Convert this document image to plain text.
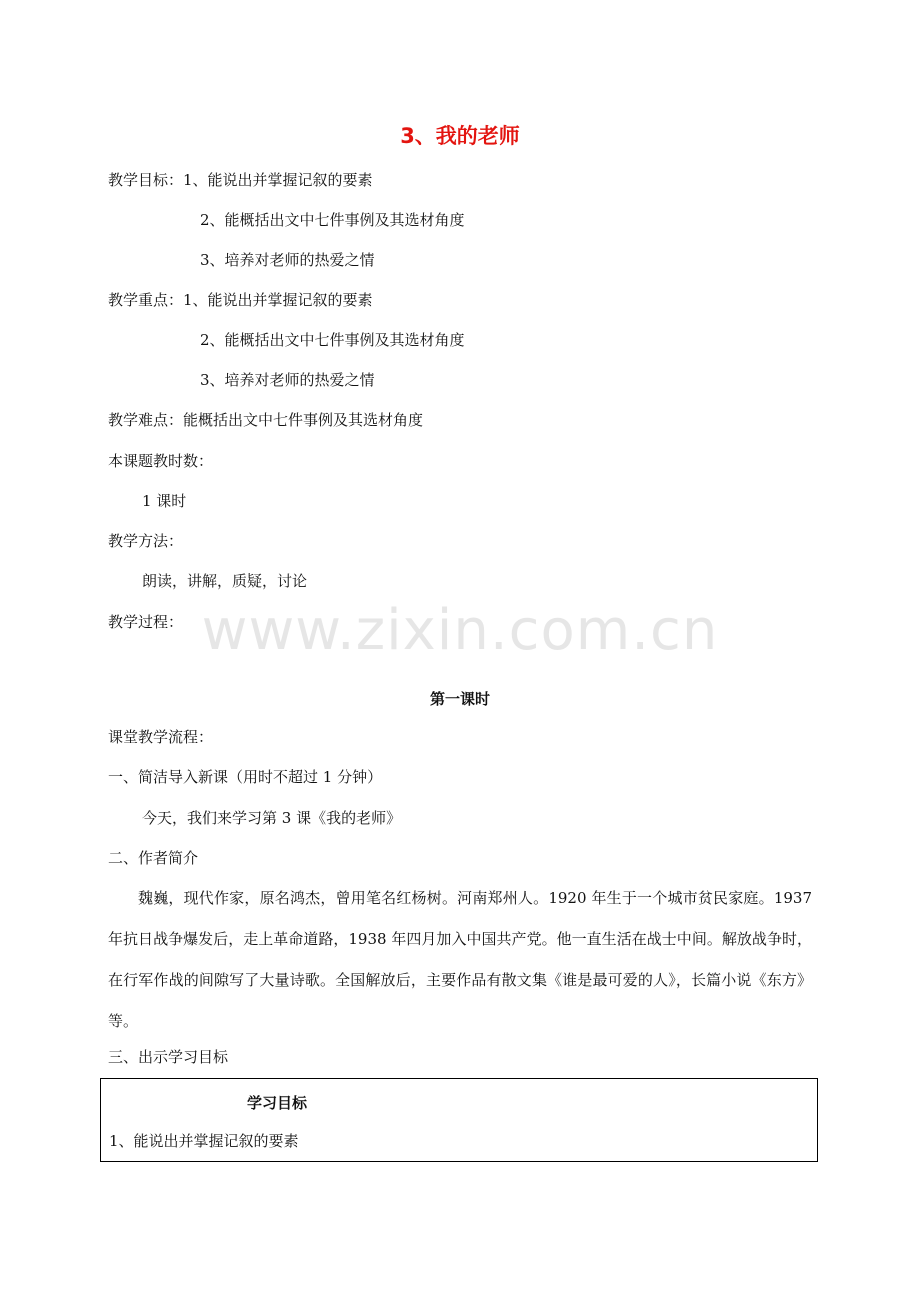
3、我的老师
教学目标：1、能说出并掌握记叙的要素
2、能概括出文中七件事例及其选材角度
3、培养对老师的热爱之情
教学重点：1、能说出并掌握记叙的要素
2、能概括出文中七件事例及其选材角度
3、培养对老师的热爱之情
教学难点：能概括出文中七件事例及其选材角度
本课题教时数：
1 课时
教学方法：
朗读，讲解，质疑，讨论
教学过程： www.zixin.com.cn
第一课时
课堂教学流程：
一、简洁导入新课（用时不超过 1 分钟）
今天，我们来学习第 3 课《我的老师》
二、作者简介
魏巍，现代作家，原名鸿杰，曾用笔名红杨树。河南郑州人。1920 年生于一个城市贫民家庭。1937 年抗日战争爆发后，走上革命道路，1938 年四月加入中国共产党。他一直生活在战士中间。解放战争时，在行军作战的间隙写了大量诗歌。全国解放后，主要作品有散文集《谁是最可爱的人》，长篇小说《东方》等。
三、出示学习目标
学习目标
1、能说出并掌握记叙的要素
